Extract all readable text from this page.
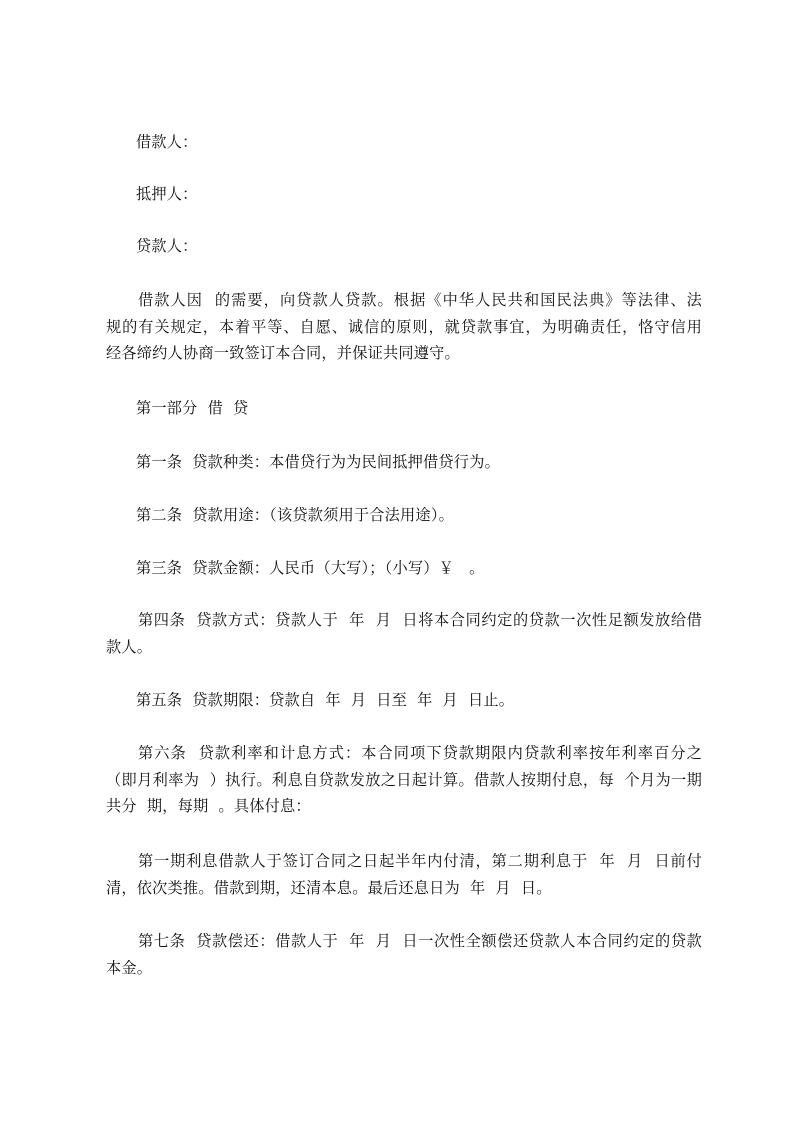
借款人：

抵押人：

贷款人：

借款人因  的需要，向贷款人贷款。根据《中华人民共和国民法典》等法律、法
规的有关规定，本着平等、自愿、诚信的原则，就贷款事宜，为明确责任，恪守信用
经各缔约人协商一致签订本合同，并保证共同遵守。

第一部分  借  贷

第一条  贷款种类：本借贷行为为民间抵押借贷行为。

第二条  贷款用途：（该贷款须用于合法用途）。

第三条  贷款金额：人民币（大写）；（小写）￥   。

第四条  贷款方式：贷款人于  年  月  日将本合同约定的贷款一次性足额发放给借
款人。

第五条  贷款期限：贷款自  年  月  日至  年  月  日止。

第六条  贷款利率和计息方式：本合同项下贷款期限内贷款利率按年利率百分之
（即月利率为  ）执行。利息自贷款发放之日起计算。借款人按期付息，每  个月为一期
共分  期，每期  。具体付息：

第一期利息借款人于签订合同之日起半年内付清，第二期利息于  年  月  日前付
清，依次类推。借款到期，还清本息。最后还息日为  年  月  日。

第七条  贷款偿还：借款人于  年  月  日一次性全额偿还贷款人本合同约定的贷款
本金。
